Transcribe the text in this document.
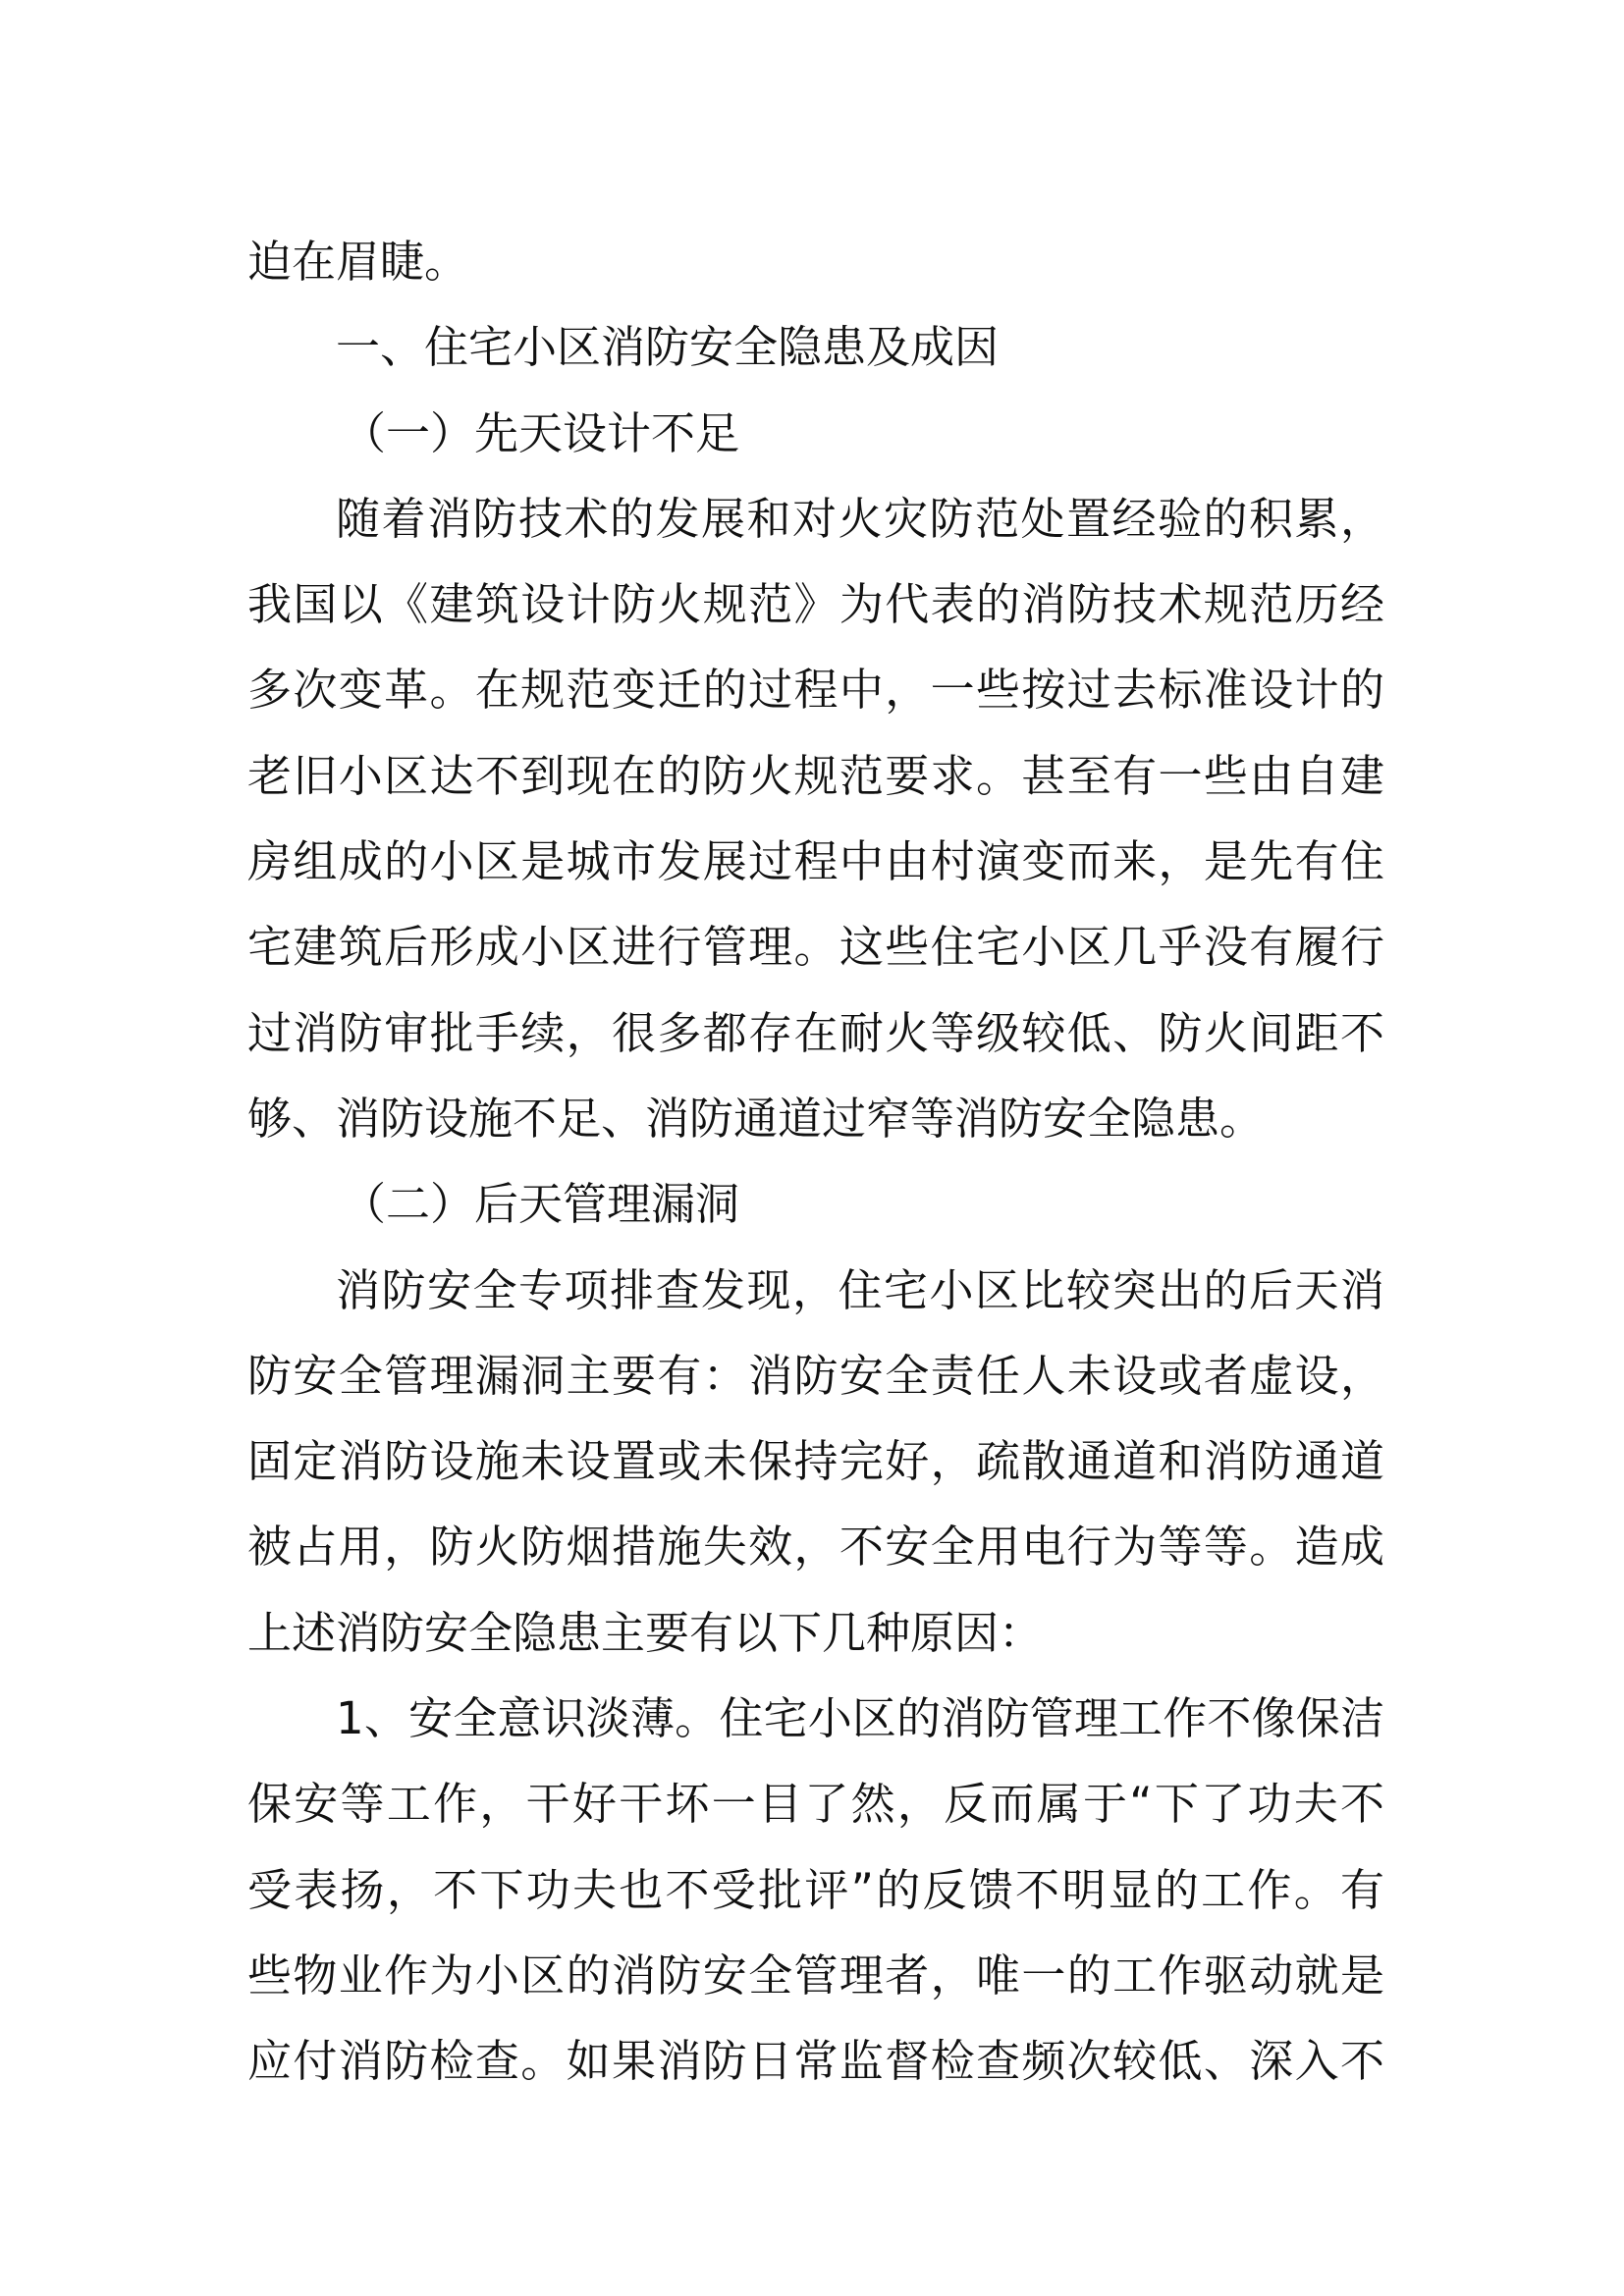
迫在眉睫。
一、住宅小区消防安全隐患及成因
（一）先天设计不足
随着消防技术的发展和对火灾防范处置经验的积累，
我国以《建筑设计防火规范》为代表的消防技术规范历经
多次变革。在规范变迁的过程中，一些按过去标准设计的
老旧小区达不到现在的防火规范要求。甚至有一些由自建
房组成的小区是城市发展过程中由村演变而来，是先有住
宅建筑后形成小区进行管理。这些住宅小区几乎没有履行
过消防审批手续，很多都存在耐火等级较低、防火间距不
够、消防设施不足、消防通道过窄等消防安全隐患。
（二）后天管理漏洞
消防安全专项排查发现，住宅小区比较突出的后天消
防安全管理漏洞主要有：消防安全责任人未设或者虚设，
固定消防设施未设置或未保持完好，疏散通道和消防通道
被占用，防火防烟措施失效，不安全用电行为等等。造成
上述消防安全隐患主要有以下几种原因：
1、安全意识淡薄。住宅小区的消防管理工作不像保洁
保安等工作，干好干坏一目了然，反而属于“下了功夫不
受表扬，不下功夫也不受批评”的反馈不明显的工作。有
些物业作为小区的消防安全管理者，唯一的工作驱动就是
应付消防检查。如果消防日常监督检查频次较低、深入不
